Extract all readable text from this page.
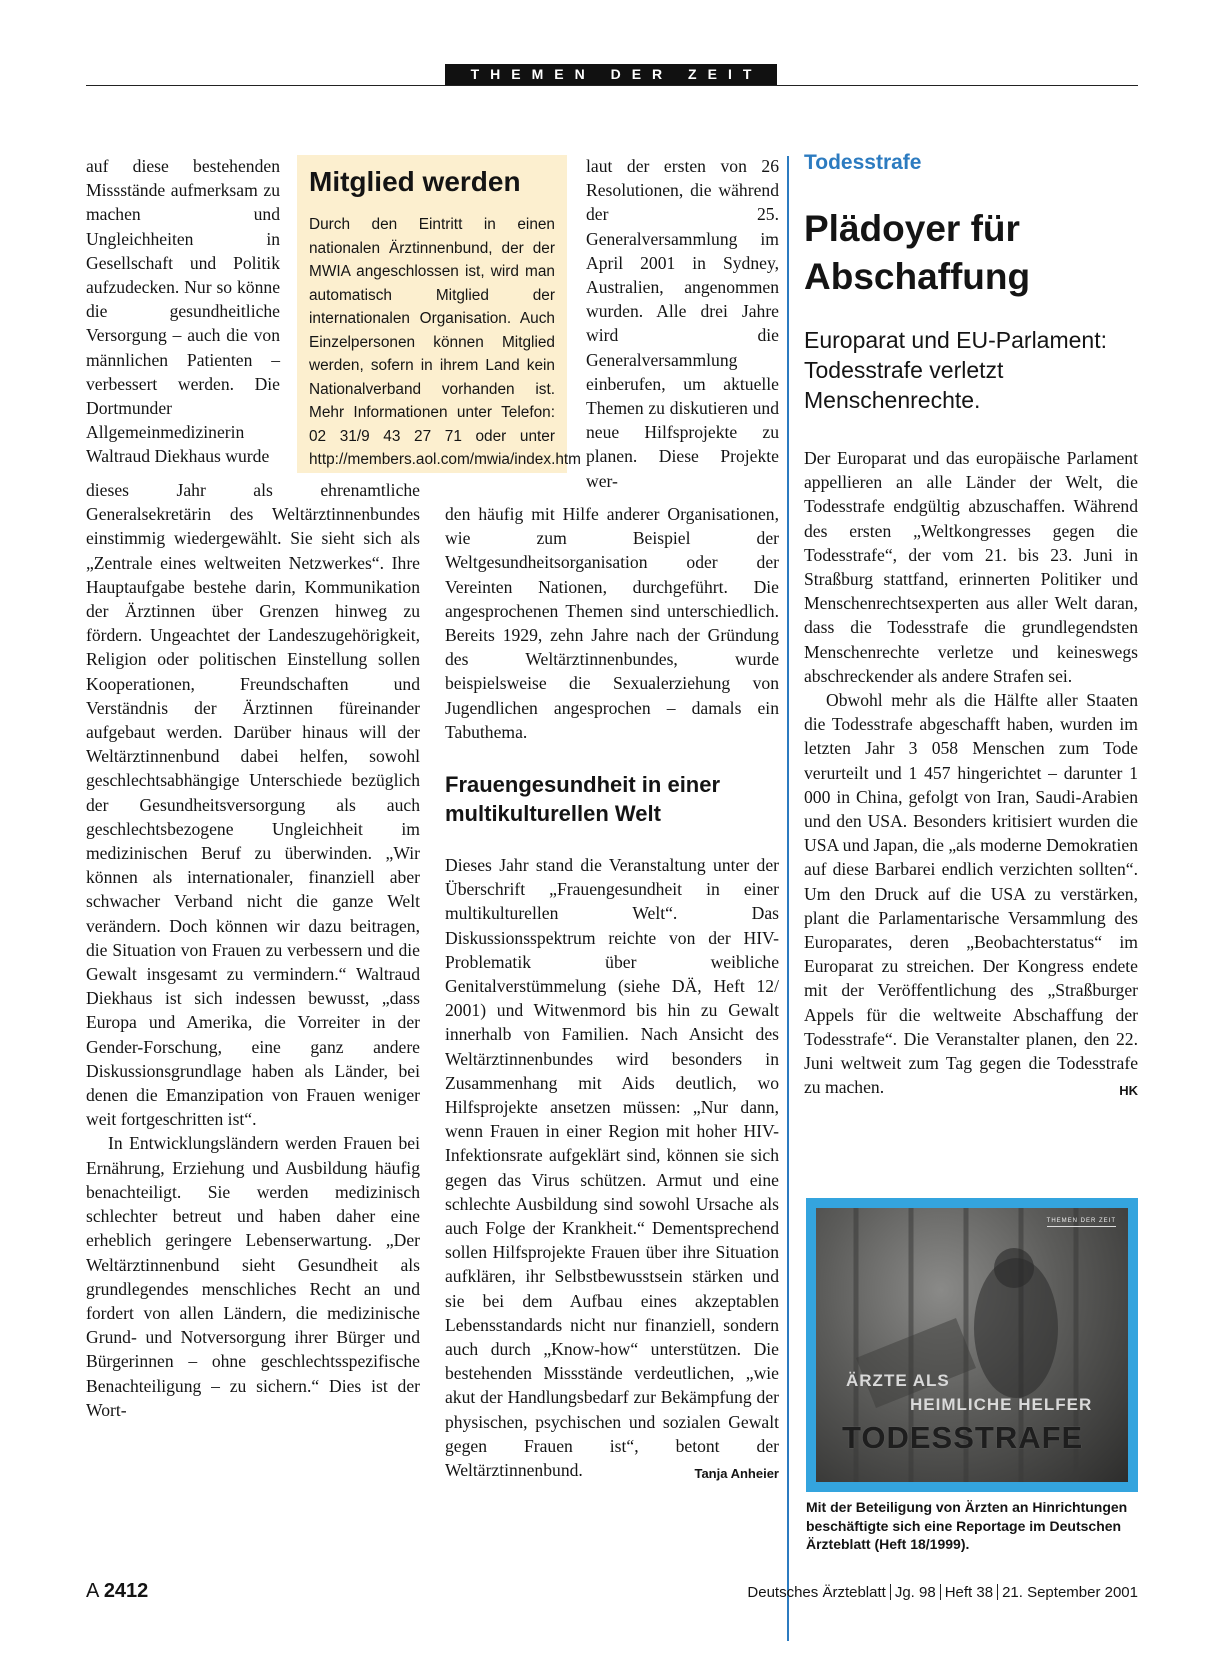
THEMEN DER ZEIT

auf diese bestehenden Missstände aufmerksam zu machen und Ungleichheiten in Gesellschaft und Politik aufzudecken. Nur so könne die gesundheitliche Versorgung – auch die von männlichen Patienten – verbessert werden. Die Dortmunder Allgemeinmedizinerin Waltraud Diekhaus wurde

Mitglied werden

Durch den Eintritt in einen nationalen Ärztinnenbund, der der MWIA angeschlossen ist, wird man automatisch Mitglied der internationalen Organisation. Auch Einzelpersonen können Mitglied werden, sofern in ihrem Land kein Nationalverband vorhanden ist. Mehr Informationen unter Telefon: 02 31/9 43 27 71 oder unter http://members.aol.com/mwia/index.htm

dieses Jahr als ehrenamtliche Generalsekretärin des Weltärztinnenbundes einstimmig wiedergewählt. Sie sieht sich als „Zentrale eines weltweiten Netzwerkes“. Ihre Hauptaufgabe bestehe darin, Kommunikation der Ärztinnen über Grenzen hinweg zu fördern. Ungeachtet der Landeszugehörigkeit, Religion oder politischen Einstellung sollen Kooperationen, Freundschaften und Verständnis der Ärztinnen füreinander aufgebaut werden. Darüber hinaus will der Weltärztinnenbund dabei helfen, sowohl geschlechtsabhängige Unterschiede bezüglich der Gesundheitsversorgung als auch geschlechtsbezogene Ungleichheit im medizinischen Beruf zu überwinden. „Wir können als internationaler, finanziell aber schwacher Verband nicht die ganze Welt verändern. Doch können wir dazu beitragen, die Situation von Frauen zu verbessern und die Gewalt insgesamt zu vermindern.“ Waltraud Diekhaus ist sich indessen bewusst, „dass Europa und Amerika, die Vorreiter in der Gender-Forschung, eine ganz andere Diskussionsgrundlage haben als Länder, bei denen die Emanzipation von Frauen weniger weit fortgeschritten ist“.

In Entwicklungsländern werden Frauen bei Ernährung, Erziehung und Ausbildung häufig benachteiligt. Sie werden medizinisch schlechter betreut und haben daher eine erheblich geringere Lebenserwartung. „Der Weltärztinnenbund sieht Gesundheit als grundlegendes menschliches Recht an und fordert von allen Ländern, die medizinische Grund- und Notversorgung ihrer Bürger und Bürgerinnen – ohne geschlechtsspezifische Benachteiligung – zu sichern.“ Dies ist der Wort-

laut der ersten von 26 Resolutionen, die während der 25. Generalversammlung im April 2001 in Sydney, Australien, angenommen wurden. Alle drei Jahre wird die Generalversammlung einberufen, um aktuelle Themen zu diskutieren und neue Hilfsprojekte zu planen. Diese Projekte wer-

den häufig mit Hilfe anderer Organisationen, wie zum Beispiel der Weltgesundheitsorganisation oder der Vereinten Nationen, durchgeführt. Die angesprochenen Themen sind unterschiedlich. Bereits 1929, zehn Jahre nach der Gründung des Weltärztinnenbundes, wurde beispielsweise die Sexualerziehung von Jugendlichen angesprochen – damals ein Tabuthema.

Frauengesundheit in einer multikulturellen Welt

Dieses Jahr stand die Veranstaltung unter der Überschrift „Frauengesundheit in einer multikulturellen Welt“. Das Diskussionsspektrum reichte von der HIV-Problematik über weibliche Genitalverstümmelung (siehe DÄ, Heft 12/ 2001) und Witwenmord bis hin zu Gewalt innerhalb von Familien. Nach Ansicht des Weltärztinnenbundes wird besonders in Zusammenhang mit Aids deutlich, wo Hilfsprojekte ansetzen müssen: „Nur dann, wenn Frauen in einer Region mit hoher HIV-Infektionsrate aufgeklärt sind, können sie sich gegen das Virus schützen. Armut und eine schlechte Ausbildung sind sowohl Ursache als auch Folge der Krankheit.“ Dementsprechend sollen Hilfsprojekte Frauen über ihre Situation aufklären, ihr Selbstbewusstsein stärken und sie bei dem Aufbau eines akzeptablen Lebensstandards nicht nur finanziell, sondern auch durch „Know-how“ unterstützen. Die bestehenden Missstände verdeutlichen, „wie akut der Handlungsbedarf zur Bekämpfung der physischen, psychischen und sozialen Gewalt gegen Frauen ist“, betont der Weltärztinnenbund.	Tanja Anheier

Todesstrafe
Plädoyer für Abschaffung

Europarat und EU-Parlament: Todesstrafe verletzt Menschenrechte.

Der Europarat und das europäische Parlament appellieren an alle Länder der Welt, die Todesstrafe endgültig abzuschaffen. Während des ersten „Weltkongresses gegen die Todesstrafe“, der vom 21. bis 23. Juni in Straßburg stattfand, erinnerten Politiker und Menschenrechtsexperten aus aller Welt daran, dass die Todesstrafe die grundlegendsten Menschenrechte verletze und keineswegs abschreckender als andere Strafen sei.

Obwohl mehr als die Hälfte aller Staaten die Todesstrafe abgeschafft haben, wurden im letzten Jahr 3 058 Menschen zum Tode verurteilt und 1 457 hingerichtet – darunter 1 000 in China, gefolgt von Iran, Saudi-Arabien und den USA. Besonders kritisiert wurden die USA und Japan, die „als moderne Demokratien auf diese Barbarei endlich verzichten sollten“. Um den Druck auf die USA zu verstärken, plant die Parlamentarische Versammlung des Europarates, deren „Beobachterstatus“ im Europarat zu streichen. Der Kongress endete mit der Veröffentlichung des „Straßburger Appels für die weltweite Abschaffung der Todesstrafe“. Die Veranstalter planen, den 22. Juni weltweit zum Tag gegen die Todesstrafe zu machen.	HK

THEMEN DER ZEIT
ÄRZTE ALS
HEIMLICHE HELFER
TODESSTRAFE

Mit der Beteiligung von Ärzten an Hinrichtungen beschäftigte sich eine Reportage im Deutschen Ärzteblatt (Heft 18/1999).

A 2412	Deutsches Ärzteblatt Jg. 98 Heft 38 21. September 2001
